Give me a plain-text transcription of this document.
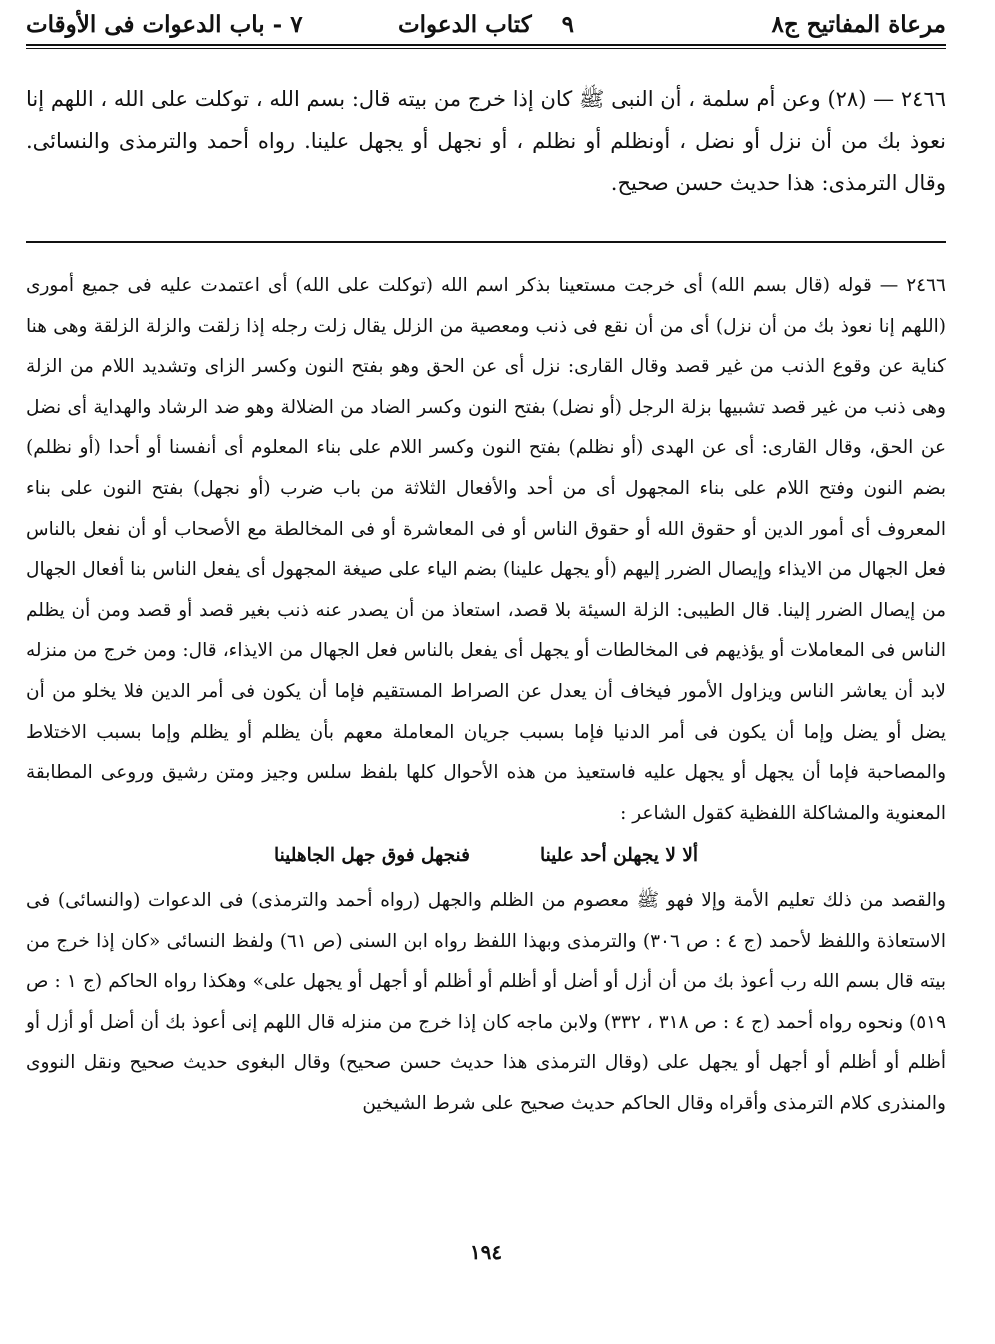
مرعاة المفاتيح ج٨
٩
كتاب الدعوات
٧ - باب الدعوات فى الأوقات

٢٤٦٦ — (٢٨) وعن أم سلمة ، أن النبى ﷺ كان إذا خرج من بيته قال: بسم الله ، توكلت على الله ، اللهم إنا نعوذ بك من أن نزل أو نضل ، أونظلم أو نظلم ، أو نجهل أو يجهل علينا. رواه أحمد والترمذى والنسائى. وقال الترمذى: هذا حديث حسن صحيح.

٢٤٦٦ — قوله (قال بسم الله) أى خرجت مستعينا بذكر اسم الله (توكلت على الله) أى اعتمدت عليه فى جميع أمورى (اللهم إنا نعوذ بك من أن نزل) أى من أن نقع فى ذنب ومعصية من الزلل يقال زلت رجله إذا زلقت والزلة الزلقة وهى هنا كناية عن وقوع الذنب من غير قصد وقال القارى: نزل أى عن الحق وهو بفتح النون وكسر الزاى وتشديد اللام من الزلة وهى ذنب من غير قصد تشبيها بزلة الرجل (أو نضل) بفتح النون وكسر الضاد من الضلالة وهو ضد الرشاد والهداية أى نضل عن الحق، وقال القارى: أى عن الهدى (أو نظلم) بفتح النون وكسر اللام على بناء المعلوم أى أنفسنا أو أحدا (أو نظلم) بضم النون وفتح اللام على بناء المجهول أى من أحد والأفعال الثلاثة من باب ضرب (أو نجهل) بفتح النون على بناء المعروف أى أمور الدين أو حقوق الله أو حقوق الناس أو فى المعاشرة أو فى المخالطة مع الأصحاب أو أن نفعل بالناس فعل الجهال من الايذاء وإيصال الضرر إليهم (أو يجهل علينا) بضم الياء على صيغة المجهول أى يفعل الناس بنا أفعال الجهال من إيصال الضرر إلينا. قال الطيبى: الزلة السيئة بلا قصد، استعاذ من أن يصدر عنه ذنب بغير قصد أو قصد ومن أن يظلم الناس فى المعاملات أو يؤذيهم فى المخالطات أو يجهل أى يفعل بالناس فعل الجهال من الايذاء، قال: ومن خرج من منزله لابد أن يعاشر الناس ويزاول الأمور فيخاف أن يعدل عن الصراط المستقيم فإما أن يكون فى أمر الدين فلا يخلو من أن يضل أو يضل وإما أن يكون فى أمر الدنيا فإما بسبب جريان المعاملة معهم بأن يظلم أو يظلم وإما بسبب الاختلاط والمصاحبة فإما أن يجهل أو يجهل عليه فاستعيذ من هذه الأحوال كلها بلفظ سلس وجيز ومتن رشيق وروعى المطابقة المعنوية والمشاكلة اللفظية كقول الشاعر :

ألا لا يجهلن أحد علينا
فنجهل فوق جهل الجاهلينا

والقصد من ذلك تعليم الأمة وإلا فهو ﷺ معصوم من الظلم والجهل (رواه أحمد والترمذى) فى الدعوات (والنسائى) فى الاستعاذة واللفظ لأحمد (ج ٤ : ص ٣٠٦) والترمذى وبهذا اللفظ رواه ابن السنى (ص ٦١) ولفظ النسائى «كان إذا خرج من بيته قال بسم الله رب أعوذ بك من أن أزل أو أضل أو أظلم أو أظلم أو أجهل أو يجهل على» وهكذا رواه الحاكم (ج ١ : ص ٥١٩) ونحوه رواه أحمد (ج ٤ : ص ٣١٨ ، ٣٣٢) ولابن ماجه كان إذا خرج من منزله قال اللهم إنى أعوذ بك أن أضل أو أزل أو أظلم أو أظلم أو أجهل أو يجهل على (وقال الترمذى هذا حديث حسن صحيح) وقال البغوى حديث صحيح ونقل النووى والمنذرى كلام الترمذى وأقراه وقال الحاكم حديث صحيح على شرط الشيخين

١٩٤
